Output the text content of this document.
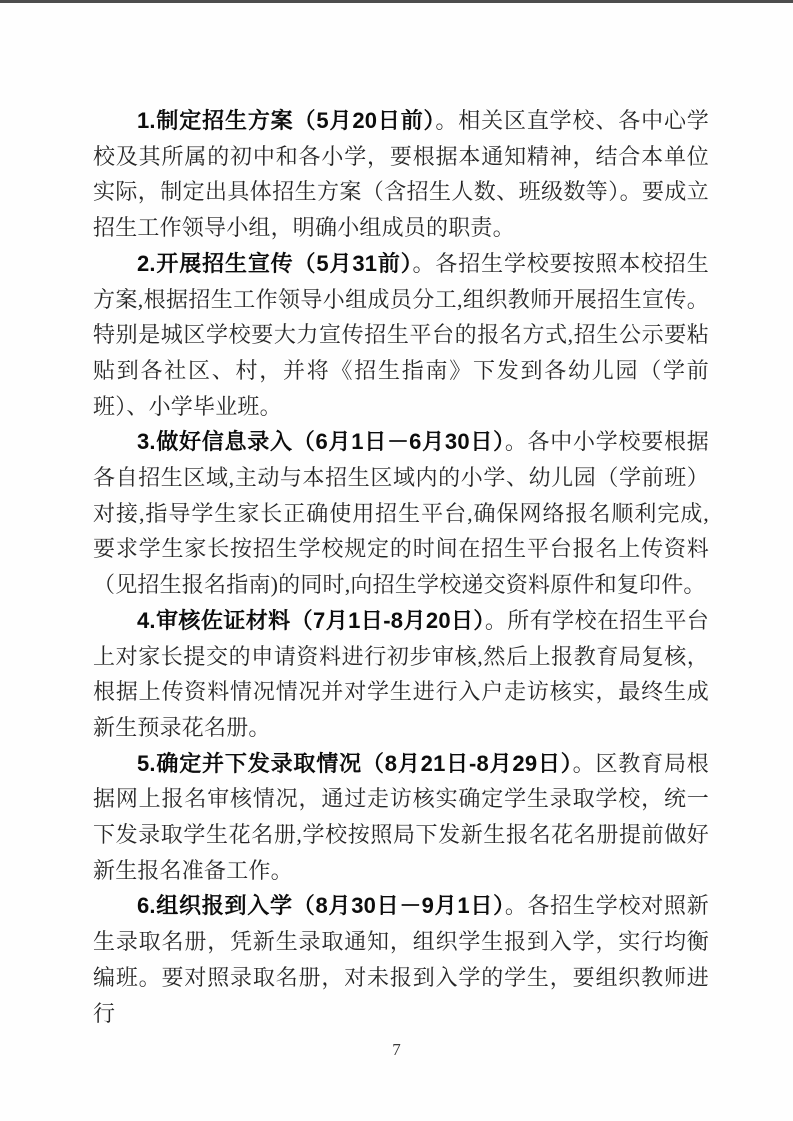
1.制定招生方案（5月20日前）。相关区直学校、各中心学校及其所属的初中和各小学，要根据本通知精神，结合本单位实际，制定出具体招生方案（含招生人数、班级数等）。要成立招生工作领导小组，明确小组成员的职责。

2.开展招生宣传（5月31前）。各招生学校要按照本校招生方案,根据招生工作领导小组成员分工,组织教师开展招生宣传。特别是城区学校要大力宣传招生平台的报名方式,招生公示要粘贴到各社区、村，并将《招生指南》下发到各幼儿园（学前班）、小学毕业班。

3.做好信息录入（6月1日－6月30日）。各中小学校要根据各自招生区域,主动与本招生区域内的小学、幼儿园（学前班）对接,指导学生家长正确使用招生平台,确保网络报名顺利完成,要求学生家长按招生学校规定的时间在招生平台报名上传资料（见招生报名指南)的同时,向招生学校递交资料原件和复印件。

4.审核佐证材料（7月1日-8月20日）。所有学校在招生平台上对家长提交的申请资料进行初步审核,然后上报教育局复核，根据上传资料情况情况并对学生进行入户走访核实，最终生成新生预录花名册。

5.确定并下发录取情况（8月21日-8月29日）。区教育局根据网上报名审核情况，通过走访核实确定学生录取学校，统一下发录取学生花名册,学校按照局下发新生报名花名册提前做好新生报名准备工作。

6.组织报到入学（8月30日－9月1日）。各招生学校对照新生录取名册，凭新生录取通知，组织学生报到入学，实行均衡编班。要对照录取名册，对未报到入学的学生，要组织教师进行

7
